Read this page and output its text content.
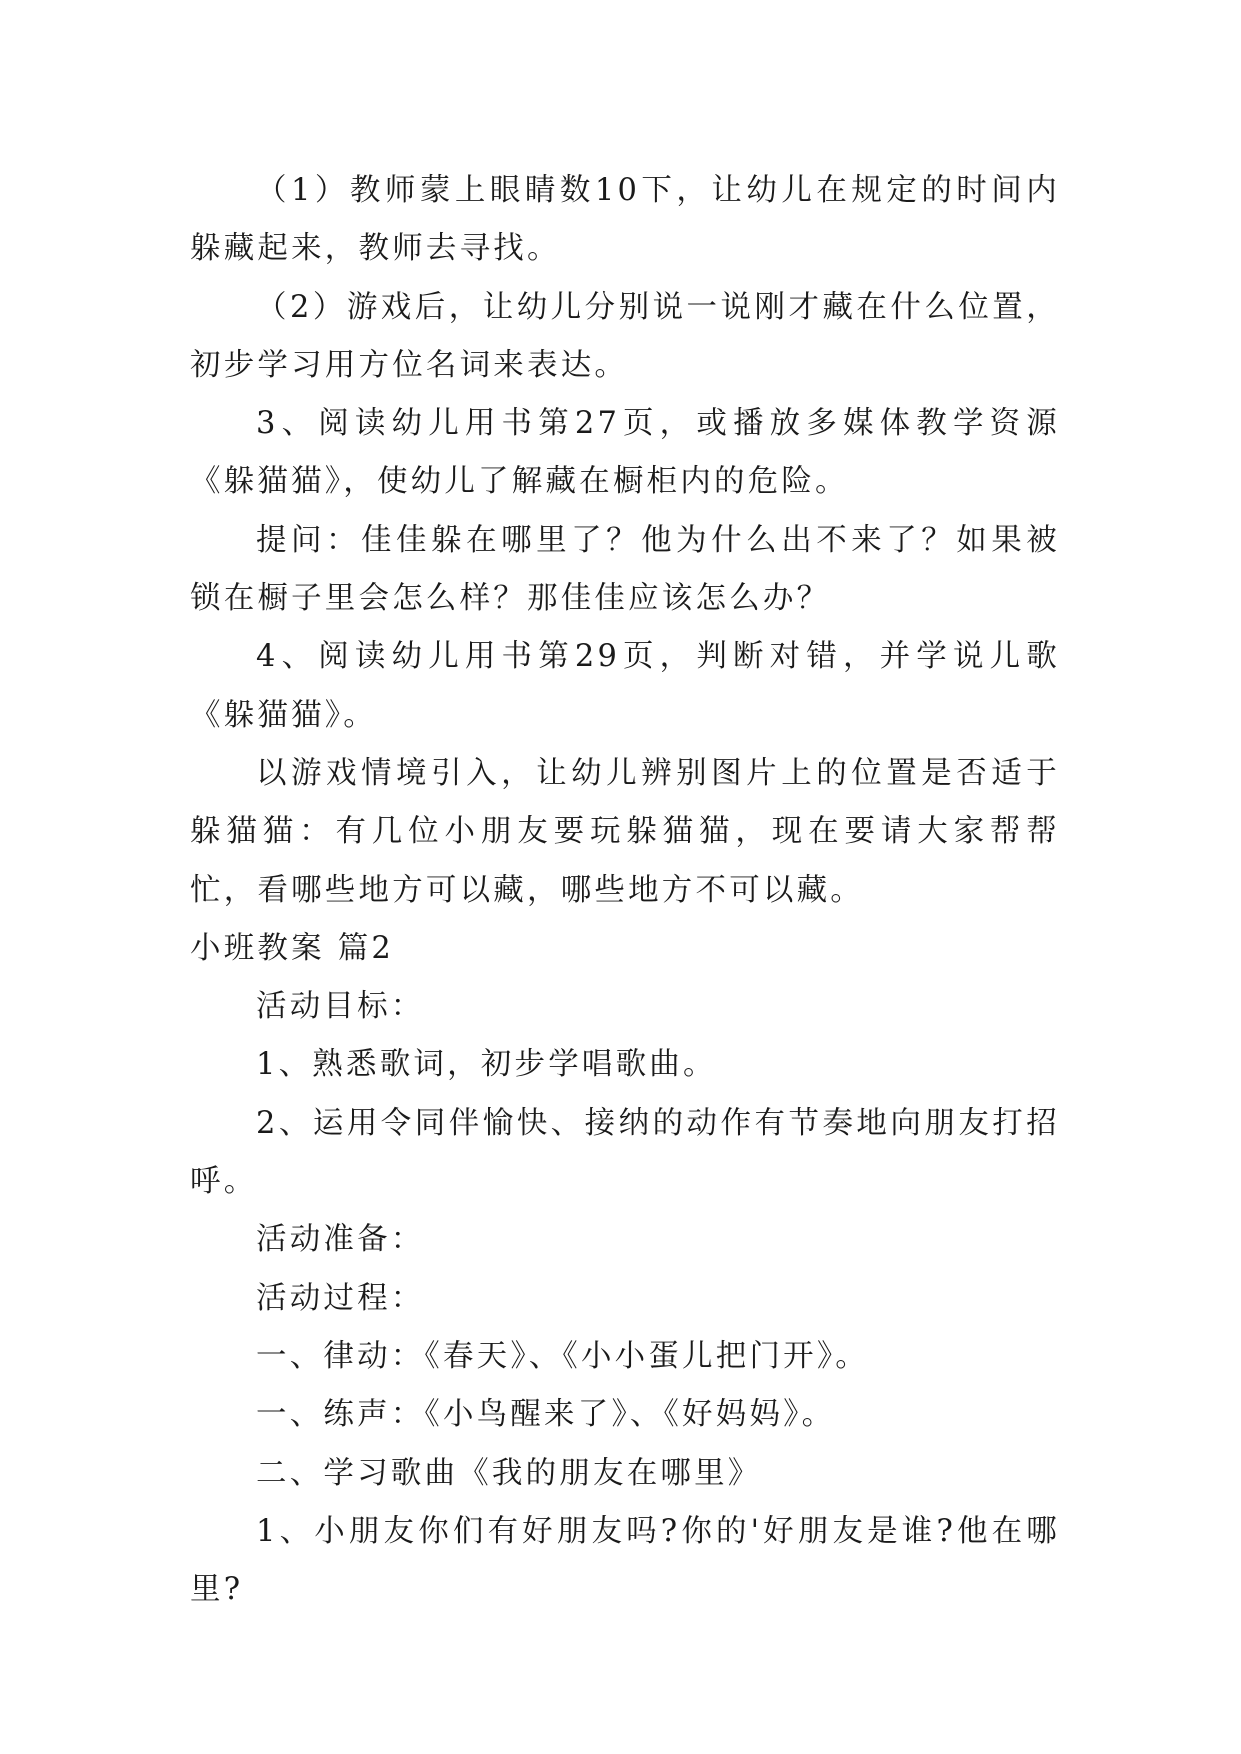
（1）教师蒙上眼睛数10下，让幼儿在规定的时间内躲藏起来，教师去寻找。

（2）游戏后，让幼儿分别说一说刚才藏在什么位置，初步学习用方位名词来表达。

3、阅读幼儿用书第27页，或播放多媒体教学资源《躲猫猫》，使幼儿了解藏在橱柜内的危险。

提问：佳佳躲在哪里了？他为什么出不来了？如果被锁在橱子里会怎么样？那佳佳应该怎么办？

4、阅读幼儿用书第29页，判断对错，并学说儿歌《躲猫猫》。

以游戏情境引入，让幼儿辨别图片上的位置是否适于躲猫猫：有几位小朋友要玩躲猫猫，现在要请大家帮帮忙，看哪些地方可以藏，哪些地方不可以藏。

小班教案 篇2

活动目标：

1、熟悉歌词，初步学唱歌曲。

2、运用令同伴愉快、接纳的动作有节奏地向朋友打招呼。

活动准备：

活动过程：

一、律动：《春天》、《小小蛋儿把门开》。

一、练声：《小鸟醒来了》、《好妈妈》。

二、学习歌曲《我的朋友在哪里》

1、小朋友你们有好朋友吗?你的'好朋友是谁?他在哪里?
